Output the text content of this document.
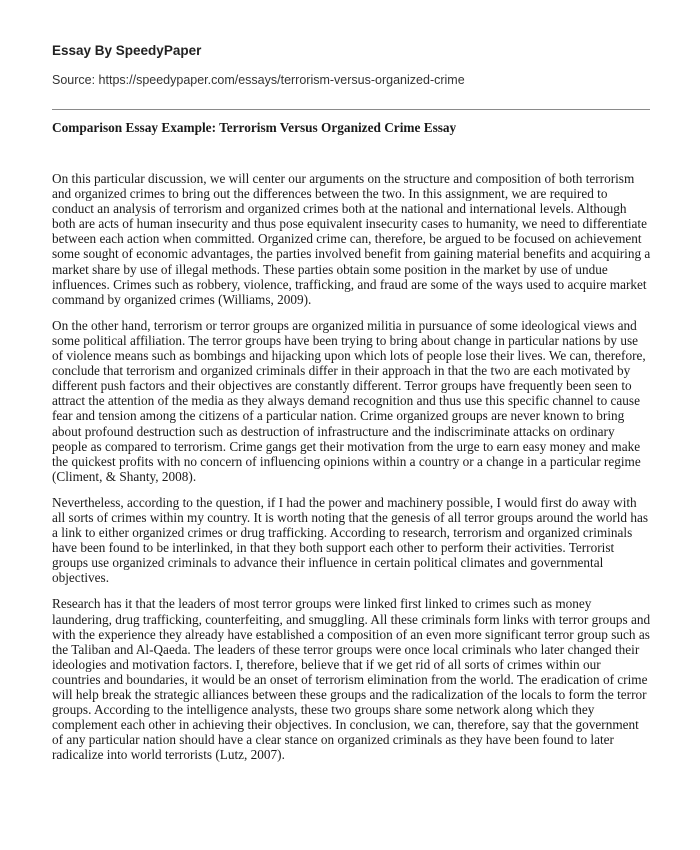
Essay By SpeedyPaper
Source: https://speedypaper.com/essays/terrorism-versus-organized-crime
Comparison Essay Example: Terrorism Versus Organized Crime Essay

On this particular discussion, we will center our arguments on the structure and composition of both terrorism and organized crimes to bring out the differences between the two. In this assignment, we are required to conduct an analysis of terrorism and organized crimes both at the national and international levels. Although both are acts of human insecurity and thus pose equivalent insecurity cases to humanity, we need to differentiate between each action when committed. Organized crime can, therefore, be argued to be focused on achievement some sought of economic advantages, the parties involved benefit from gaining material benefits and acquiring a market share by use of illegal methods. These parties obtain some position in the market by use of undue influences. Crimes such as robbery, violence, trafficking, and fraud are some of the ways used to acquire market command by organized crimes (Williams, 2009).

On the other hand, terrorism or terror groups are organized militia in pursuance of some ideological views and some political affiliation. The terror groups have been trying to bring about change in particular nations by use of violence means such as bombings and hijacking upon which lots of people lose their lives. We can, therefore, conclude that terrorism and organized criminals differ in their approach in that the two are each motivated by different push factors and their objectives are constantly different. Terror groups have frequently been seen to attract the attention of the media as they always demand recognition and thus use this specific channel to cause fear and tension among the citizens of a particular nation. Crime organized groups are never known to bring about profound destruction such as destruction of infrastructure and the indiscriminate attacks on ordinary people as compared to terrorism. Crime gangs get their motivation from the urge to earn easy money and make the quickest profits with no concern of influencing opinions within a country or a change in a particular regime (Climent, & Shanty, 2008).

Nevertheless, according to the question, if I had the power and machinery possible, I would first do away with all sorts of crimes within my country. It is worth noting that the genesis of all terror groups around the world has a link to either organized crimes or drug trafficking. According to research, terrorism and organized criminals have been found to be interlinked, in that they both support each other to perform their activities. Terrorist groups use organized criminals to advance their influence in certain political climates and governmental objectives.

Research has it that the leaders of most terror groups were linked first linked to crimes such as money laundering, drug trafficking, counterfeiting, and smuggling. All these criminals form links with terror groups and with the experience they already have established a composition of an even more significant terror group such as the Taliban and Al-Qaeda. The leaders of these terror groups were once local criminals who later changed their ideologies and motivation factors. I, therefore, believe that if we get rid of all sorts of crimes within our countries and boundaries, it would be an onset of terrorism elimination from the world. The eradication of crime will help break the strategic alliances between these groups and the radicalization of the locals to form the terror groups. According to the intelligence analysts, these two groups share some network along which they complement each other in achieving their objectives. In conclusion, we can, therefore, say that the government of any particular nation should have a clear stance on organized criminals as they have been found to later radicalize into world terrorists (Lutz, 2007).
